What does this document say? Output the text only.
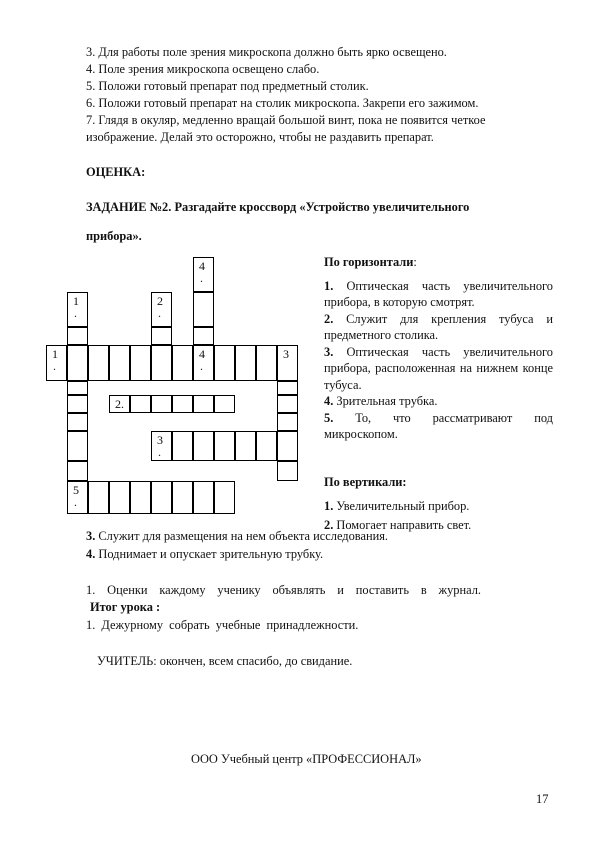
3. Для работы поле зрения микроскопа должно быть ярко освещено.
4. Поле зрения микроскопа освещено слабо.
5. Положи готовый препарат под предметный столик.
6. Положи готовый препарат на столик микроскопа. Закрепи его зажимом.
7. Глядя в окуляр, медленно вращай большой винт, пока не появится четкое
изображение. Делай это осторожно, чтобы не раздавить препарат.
ОЦЕНКА:
ЗАДАНИЕ №2. Разгадайте кроссворд «Устройство увеличительного
прибора».
4
.
1
.
2
.
1
.
4
.
3
2.
3
.
5
.
По горизонтали:

1. Оптическая часть увеличительного прибора, в которую смотрят.

2. Служит для крепления тубуса и предметного столика.

3. Оптическая часть увеличительного прибора, расположенная на нижнем конце тубуса.

4. Зрительная трубка.

5. То, что рассматривают под микроскопом.

По вертикали:

1. Увеличительный прибор.

2. Помогает направить свет.

3. Служит для размещения на нем объекта исследования.
4. Поднимает и опускает зрительную трубку.
1. Оценки каждому ученику объявлять и поставить в журнал.
Итог урока :
1. Дежурному собрать учебные принадлежности.
УЧИТЕЛЬ: окончен, всем спасибо, до свидание.
ООО Учебный центр «ПРОФЕССИОНАЛ»
17
